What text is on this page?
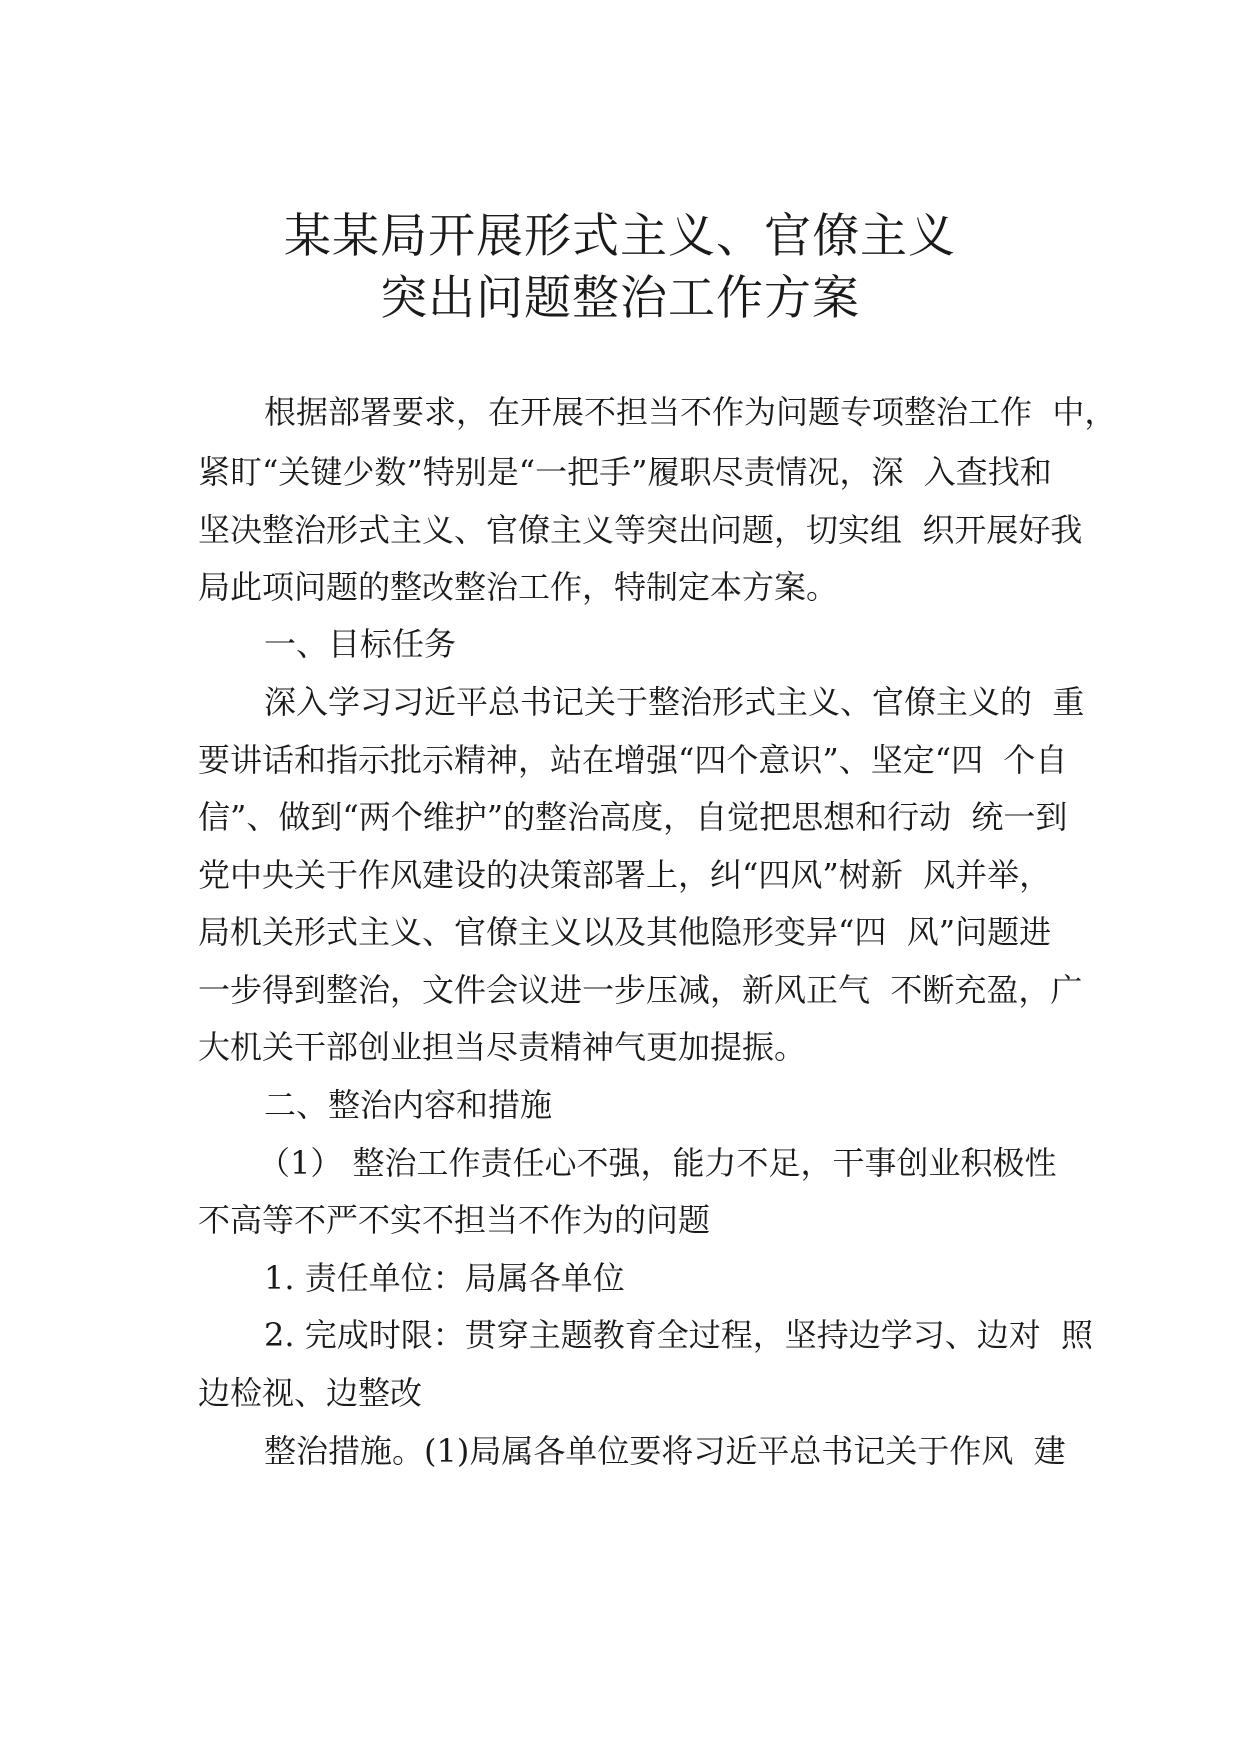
某某局开展形式主义、官僚主义
突出问题整治工作方案
根据部署要求，在开展不担当不作为问题专项整治工作  中，
紧盯“关键少数”特别是“一把手”履职尽责情况，深  入查找和
坚决整治形式主义、官僚主义等突出问题，切实组  织开展好我
局此项问题的整改整治工作，特制定本方案。
一、目标任务
深入学习习近平总书记关于整治形式主义、官僚主义的  重
要讲话和指示批示精神，站在增强“四个意识”、坚定“四  个自
信”、做到“两个维护”的整治高度，自觉把思想和行动  统一到
党中央关于作风建设的决策部署上，纠“四风”树新  风并举，
局机关形式主义、官僚主义以及其他隐形变异“四  风”问题进
一步得到整治，文件会议进一步压减，新风正气  不断充盈，广
大机关干部创业担当尽责精神气更加提振。
二、整治内容和措施
（1） 整治工作责任心不强，能力不足，干事创业积极性
不高等不严不实不担当不作为的问题
1. 责任单位：局属各单位
2. 完成时限：贯穿主题教育全过程，坚持边学习、边对  照
边检视、边整改
整治措施。(1)局属各单位要将习近平总书记关于作风  建
